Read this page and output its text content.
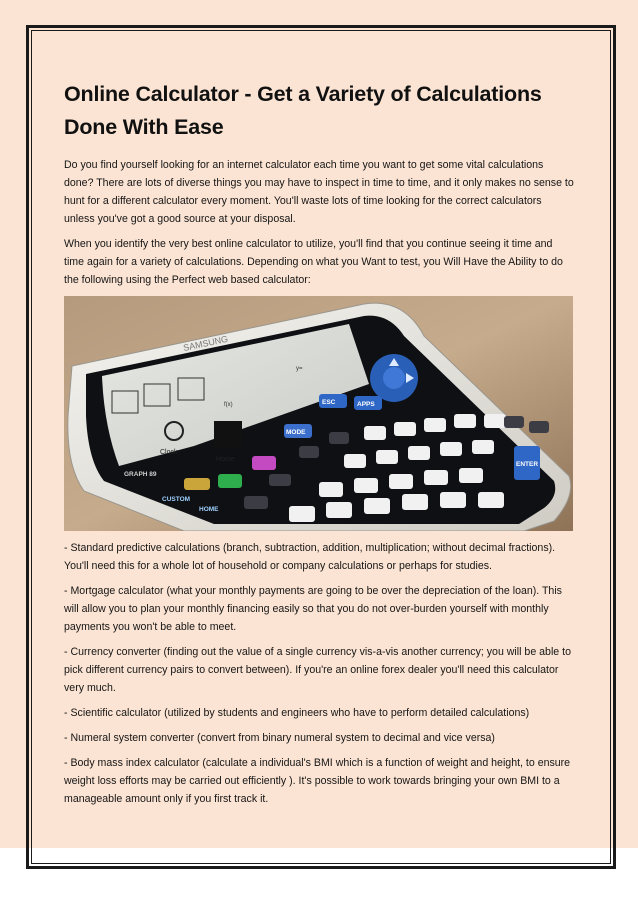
Online Calculator - Get a Variety of Calculations Done With Ease

Do you find yourself looking for an internet calculator each time you want to get some vital calculations done? There are lots of diverse things you may have to inspect in time to time, and it only makes no sense to hunt for a different calculator every moment. You'll waste lots of time looking for the correct calculators unless you've got a good source at your disposal.

When you identify the very best online calculator to utilize, you'll find that you continue seeing it time and time again for a variety of calculations. Depending on what you Want to test, you Will Have the Ability to do the following using the Perfect web based calculator:

SAMSUNG
Clock
Home
f(x)
y=
ESC	APPS
MODE
CUSTOM
HOME
GRAPH 89
ENTER

- Standard predictive calculations (branch, subtraction, addition, multiplication; without decimal fractions). You'll need this for a whole lot of household or company calculations or perhaps for studies.

- Mortgage calculator (what your monthly payments are going to be over the depreciation of the loan). This will allow you to plan your monthly financing easily so that you do not over-burden yourself with monthly payments you won't be able to meet.

- Currency converter (finding out the value of a single currency vis-a-vis another currency; you will be able to pick different currency pairs to convert between). If you're an online forex dealer you'll need this calculator very much.

- Scientific calculator (utilized by students and engineers who have to perform detailed calculations)

- Numeral system converter (convert from binary numeral system to decimal and vice versa)

- Body mass index calculator (calculate a individual's BMI which is a function of weight and height, to ensure weight loss efforts may be carried out efficiently ). It's possible to work towards bringing your own BMI to a manageable amount only if you first track it.
